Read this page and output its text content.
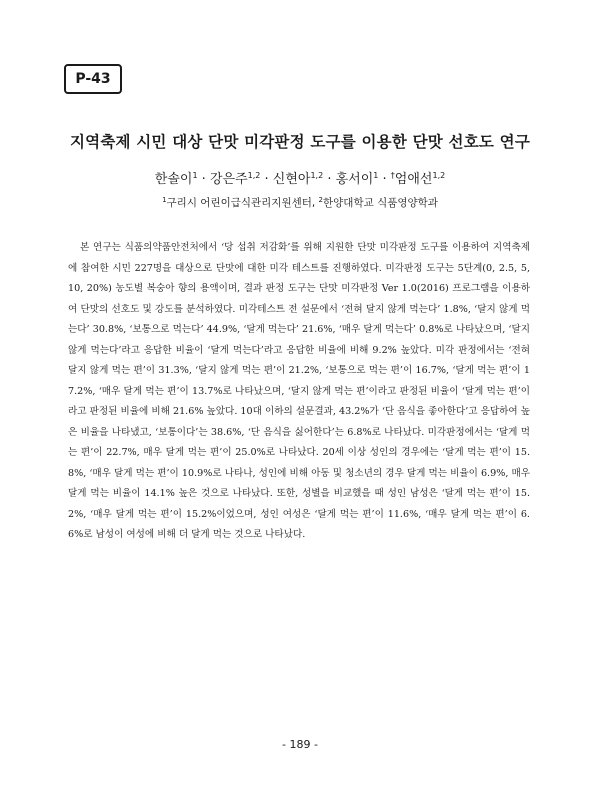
P-43
지역축제 시민 대상 단맛 미각판정 도구를 이용한 단맛 선호도 연구
한솔이$^1$ · 강은주$^{1,2}$ · 신현아$^{1,2}$ · 홍서이$^1$ · †엄애선$^{1,2}$
$^1$구리시 어린이급식관리지원센터, $^2$한양대학교 식품영양학과

본 연구는 식품의약품안전처에서 ‘당 섭취 저감화’를 위해 지원한 단맛 미각판정 도구를 이용하여 지역축제에 참여한 시민 227명을 대상으로 단맛에 대한 미각 테스트를 진행하였다. 미각판정 도구는 5단계(0, 2.5, 5, 10, 20%) 농도별 복숭아 향의 용액이며, 결과 판정 도구는 단맛 미각판정 Ver 1.0(2016) 프로그램을 이용하여 단맛의 선호도 및 강도를 분석하였다. 미각테스트 전 설문에서 ‘전혀 달지 않게 먹는다’ 1.8%, ‘달지 않게 먹는다’ 30.8%, ‘보통으로 먹는다’ 44.9%, ‘달게 먹는다’ 21.6%, ‘매우 달게 먹는다’ 0.8%로 나타났으며, ‘달지 않게 먹는다’라고 응답한 비율이 ‘달게 먹는다’라고 응답한 비율에 비해 9.2% 높았다. 미각 판정에서는 ‘전혀 달지 않게 먹는 편’이 31.3%, ‘달지 않게 먹는 편’이 21.2%, ‘보통으로 먹는 편’이 16.7%, ‘달게 먹는 편’이 17.2%, ‘매우 달게 먹는 편’이 13.7%로 나타났으며, ‘달지 않게 먹는 편’이라고 판정된 비율이 ‘달게 먹는 편’이라고 판정된 비율에 비해 21.6% 높았다. 10대 이하의 설문결과, 43.2%가 ‘단 음식을 좋아한다’고 응답하여 높은 비율을 나타냈고, ‘보통이다’는 38.6%, ‘단 음식을 싫어한다’는 6.8%로 나타났다. 미각판정에서는 ‘달게 먹는 편’이 22.7%, 매우 달게 먹는 편’이 25.0%로 나타났다. 20세 이상 성인의 경우에는 ‘달게 먹는 편’이 15.8%, ‘매우 달게 먹는 편’이 10.9%로 나타나, 성인에 비해 아동 및 청소년의 경우 달게 먹는 비율이 6.9%, 매우 달게 먹는 비율이 14.1% 높은 것으로 나타났다. 또한, 성별을 비교했을 때 성인 남성은 ‘달게 먹는 편’이 15.2%, ‘매우 달게 먹는 편’이 15.2%이었으며, 성인 여성은 ‘달게 먹는 편’이 11.6%, ‘매우 달게 먹는 편’이 6.6%로 남성이 여성에 비해 더 달게 먹는 것으로 나타났다.

- 189 -
